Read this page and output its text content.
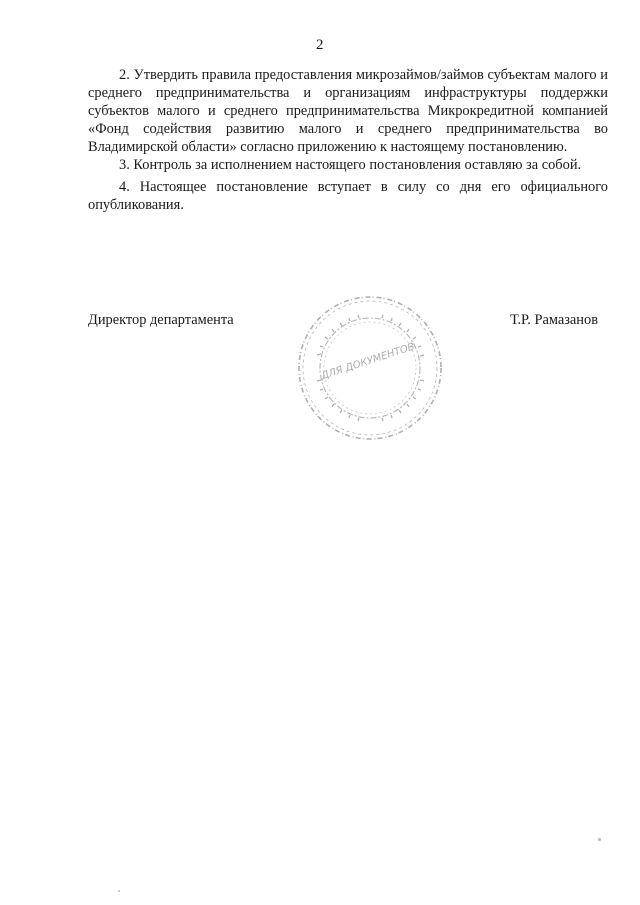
2

2. Утвердить правила предоставления микрозаймов/займов субъектам малого и среднего предпринимательства и организациям инфраструктуры поддержки субъектов малого и среднего предпринимательства Микрокредитной компанией «Фонд содействия развитию малого и среднего предпринимательства во Владимирской области» согласно приложению к настоящему постановлению.

3. Контроль за исполнением настоящего постановления оставляю за собой.

4. Настоящее постановление вступает в силу со дня его официального опубликования.

Директор департамента	Т.Р. Рамазанов
ДЛЯ ДОКУМЕНТОВ
